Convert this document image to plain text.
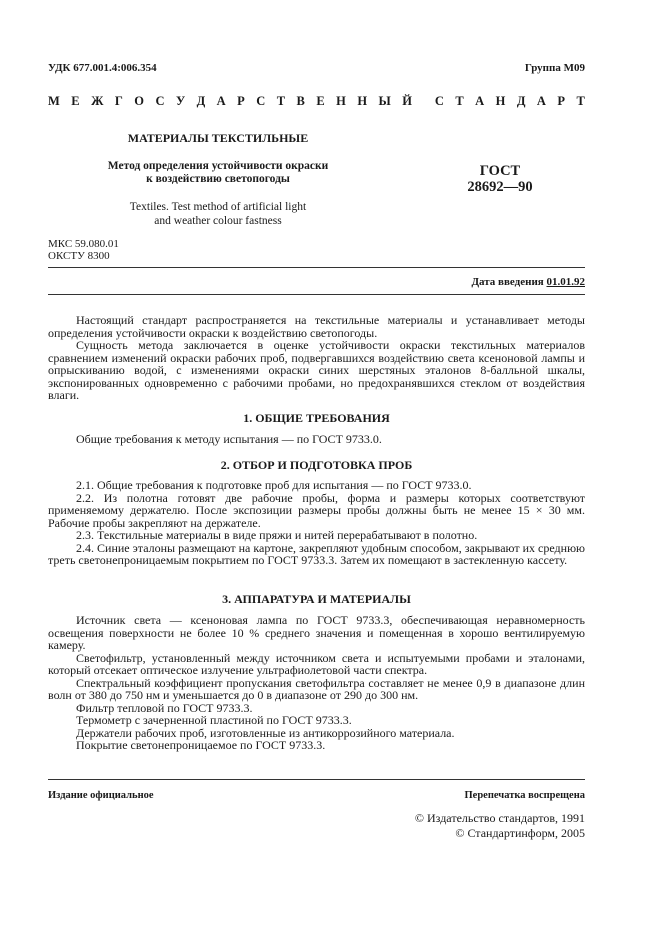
УДК 677.001.4:006.354	Группа М09
М Е Ж Г О С У Д А Р С Т В Е Н Н Ы Й С Т А Н Д А Р Т
МАТЕРИАЛЫ ТЕКСТИЛЬНЫЕ
Метод определения устойчивости окраски
к воздействию светопогоды
Textiles. Test method of artificial light
and weather colour fastness
ГОСТ
28692—90
МКС 59.080.01
ОКСТУ 8300
Дата введения 01.01.92

Настоящий стандарт распространяется на текстильные материалы и устанавливает методы определения устойчивости окраски к воздействию светопогоды.

Сущность метода заключается в оценке устойчивости окраски текстильных материалов сравнением изменений окраски рабочих проб, подвергавшихся воздействию света ксеноновой лампы и опрыскиванию водой, с изменениями окраски синих шерстяных эталонов 8-балльной шкалы, экспонированных одновременно с рабочими пробами, но предохранявшихся стеклом от воздействия влаги.

1. ОБЩИЕ ТРЕБОВАНИЯ

Общие требования к методу испытания — по ГОСТ 9733.0.

2. ОТБОР И ПОДГОТОВКА ПРОБ

2.1. Общие требования к подготовке проб для испытания — по ГОСТ 9733.0.

2.2. Из полотна готовят две рабочие пробы, форма и размеры которых соответствуют применяемому держателю. После экспозиции размеры пробы должны быть не менее 15 × 30 мм. Рабочие пробы закрепляют на держателе.

2.3. Текстильные материалы в виде пряжи и нитей перерабатывают в полотно.

2.4. Синие эталоны размещают на картоне, закрепляют удобным способом, закрывают их среднюю треть светонепроницаемым покрытием по ГОСТ 9733.3. Затем их помещают в застекленную кассету.

3. АППАРАТУРА И МАТЕРИАЛЫ

Источник света — ксеноновая лампа по ГОСТ 9733.3, обеспечивающая неравномерность освещения поверхности не более 10 % среднего значения и помещенная в хорошо вентилируемую камеру.

Светофильтр, установленный между источником света и испытуемыми пробами и эталонами, который отсекает оптическое излучение ультрафиолетовой части спектра.

Спектральный коэффициент пропускания светофильтра составляет не менее 0,9 в диапазоне длин волн от 380 до 750 нм и уменьшается до 0 в диапазоне от 290 до 300 нм.

Фильтр тепловой по ГОСТ 9733.3.

Термометр с зачерненной пластиной по ГОСТ 9733.3.

Держатели рабочих проб, изготовленные из антикоррозийного материала.

Покрытие светонепроницаемое по ГОСТ 9733.3.

Издание официальное	Перепечатка воспрещена
© Издательство стандартов, 1991
© Стандартинформ, 2005
